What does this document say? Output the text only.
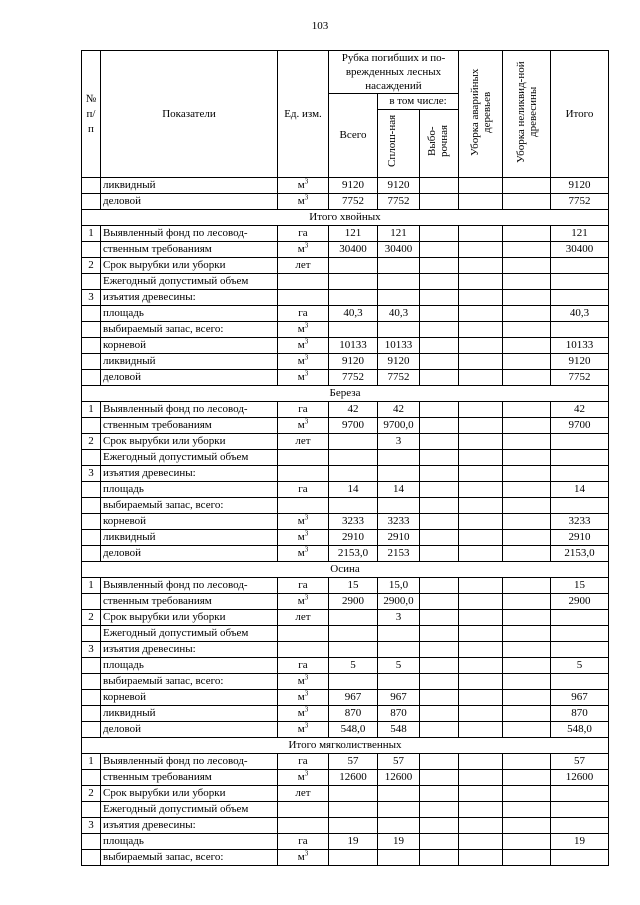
103
№ п/п	Показатели	Ед. изм.	Рубка погибших и по-
врежденных лесных
насаждений			Уборка аварийных деревьев	Уборка неликвид-ной древесины	Итого
			Всего	в том числе:				
				Сплош-ная	Выбо-рочная			
	ликвидный	$м^3$	9120	9120				9120
	деловой	$м^3$	7752	7752				7752
Итого хвойных								
1	Выявленный фонд по лесовод-	га	121	121				121
	ственным требованиям	$м^3$	30400	30400				30400
2	Срок вырубки или уборки	лет						
	Ежегодный допустимый объем							
3	изъятия древесины:							
	площадь	га	40,3	40,3				40,3
	выбираемый запас, всего:	$м^3$						
	корневой	$м^3$	10133	10133				10133
	ликвидный	$м^3$	9120	9120				9120
	деловой	$м^3$	7752	7752				7752
Береза								
1	Выявленный фонд по лесовод-	га	42	42				42
	ственным требованиям	$м^3$	9700	9700,0				9700
2	Срок вырубки или уборки	лет		3				
	Ежегодный допустимый объем							
3	изъятия древесины:							
	площадь	га	14	14				14
	выбираемый запас, всего:							
	корневой	$м^3$	3233	3233				3233
	ликвидный	$м^3$	2910	2910				2910
	деловой	$м^3$	2153,0	2153				2153,0
Осина								
1	Выявленный фонд по лесовод-	га	15	15,0				15
	ственным требованиям	$м^3$	2900	2900,0				2900
2	Срок вырубки или уборки	лет		3				
	Ежегодный допустимый объем							
3	изъятия древесины:							
	площадь	га	5	5				5
	выбираемый запас, всего:	$м^3$						
	корневой	$м^3$	967	967				967
	ликвидный	$м^3$	870	870				870
	деловой	$м^3$	548,0	548				548,0
Итого мягколиственных								
1	Выявленный фонд по лесовод-	га	57	57				57
	ственным требованиям	$м^3$	12600	12600				12600
2	Срок вырубки или уборки	лет						
	Ежегодный допустимый объем							
3	изъятия древесины:							
	площадь	га	19	19				19
	выбираемый запас, всего:	$м^3$						
